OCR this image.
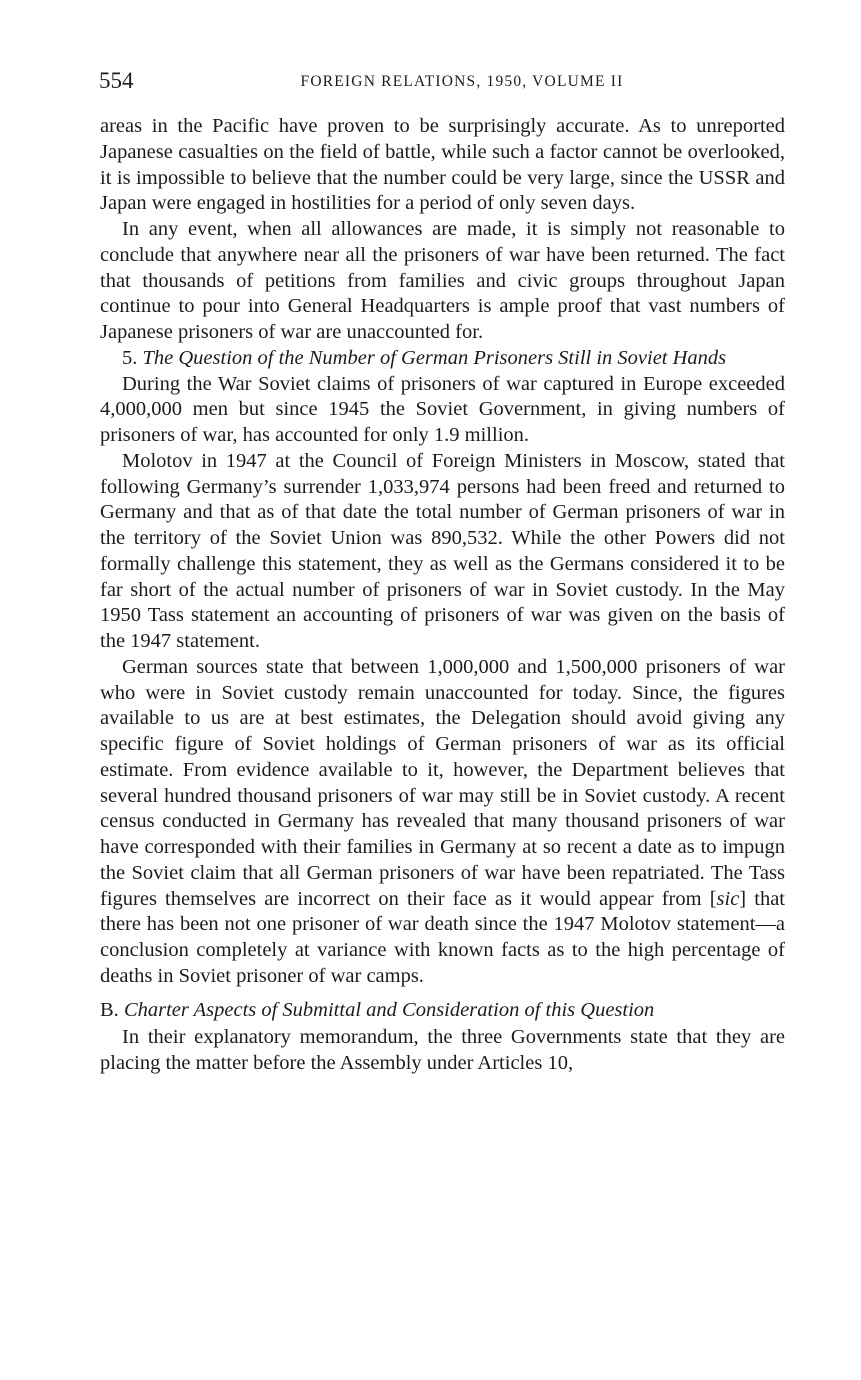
554	FOREIGN RELATIONS, 1950, VOLUME II

areas in the Pacific have proven to be surprisingly accurate. As to unreported Japanese casualties on the field of battle, while such a factor cannot be overlooked, it is impossible to believe that the number could be very large, since the USSR and Japan were engaged in hostilities for a period of only seven days.

In any event, when all allowances are made, it is simply not reasonable to conclude that anywhere near all the prisoners of war have been returned. The fact that thousands of petitions from families and civic groups throughout Japan continue to pour into General Headquarters is ample proof that vast numbers of Japanese prisoners of war are unaccounted for.

5. The Question of the Number of German Prisoners Still in Soviet Hands

During the War Soviet claims of prisoners of war captured in Europe exceeded 4,000,000 men but since 1945 the Soviet Government, in giving numbers of prisoners of war, has accounted for only 1.9 million.

Molotov in 1947 at the Council of Foreign Ministers in Moscow, stated that following Germany’s surrender 1,033,974 persons had been freed and returned to Germany and that as of that date the total number of German prisoners of war in the territory of the Soviet Union was 890,532. While the other Powers did not formally challenge this statement, they as well as the Germans considered it to be far short of the actual number of prisoners of war in Soviet custody. In the May 1950 Tass statement an accounting of prisoners of war was given on the basis of the 1947 statement.

German sources state that between 1,000,000 and 1,500,000 prisoners of war who were in Soviet custody remain unaccounted for today. Since, the figures available to us are at best estimates, the Delegation should avoid giving any specific figure of Soviet holdings of German prisoners of war as its official estimate. From evidence available to it, however, the Department believes that several hundred thousand prisoners of war may still be in Soviet custody. A recent census conducted in Germany has revealed that many thousand prisoners of war have corresponded with their families in Germany at so recent a date as to impugn the Soviet claim that all German prisoners of war have been repatriated. The Tass figures themselves are incorrect on their face as it would appear from [sic] that there has been not one prisoner of war death since the 1947 Molotov statement—a conclusion completely at variance with known facts as to the high percentage of deaths in Soviet prisoner of war camps.

B. Charter Aspects of Submittal and Consideration of this Question

In their explanatory memorandum, the three Governments state that they are placing the matter before the Assembly under Articles 10,
